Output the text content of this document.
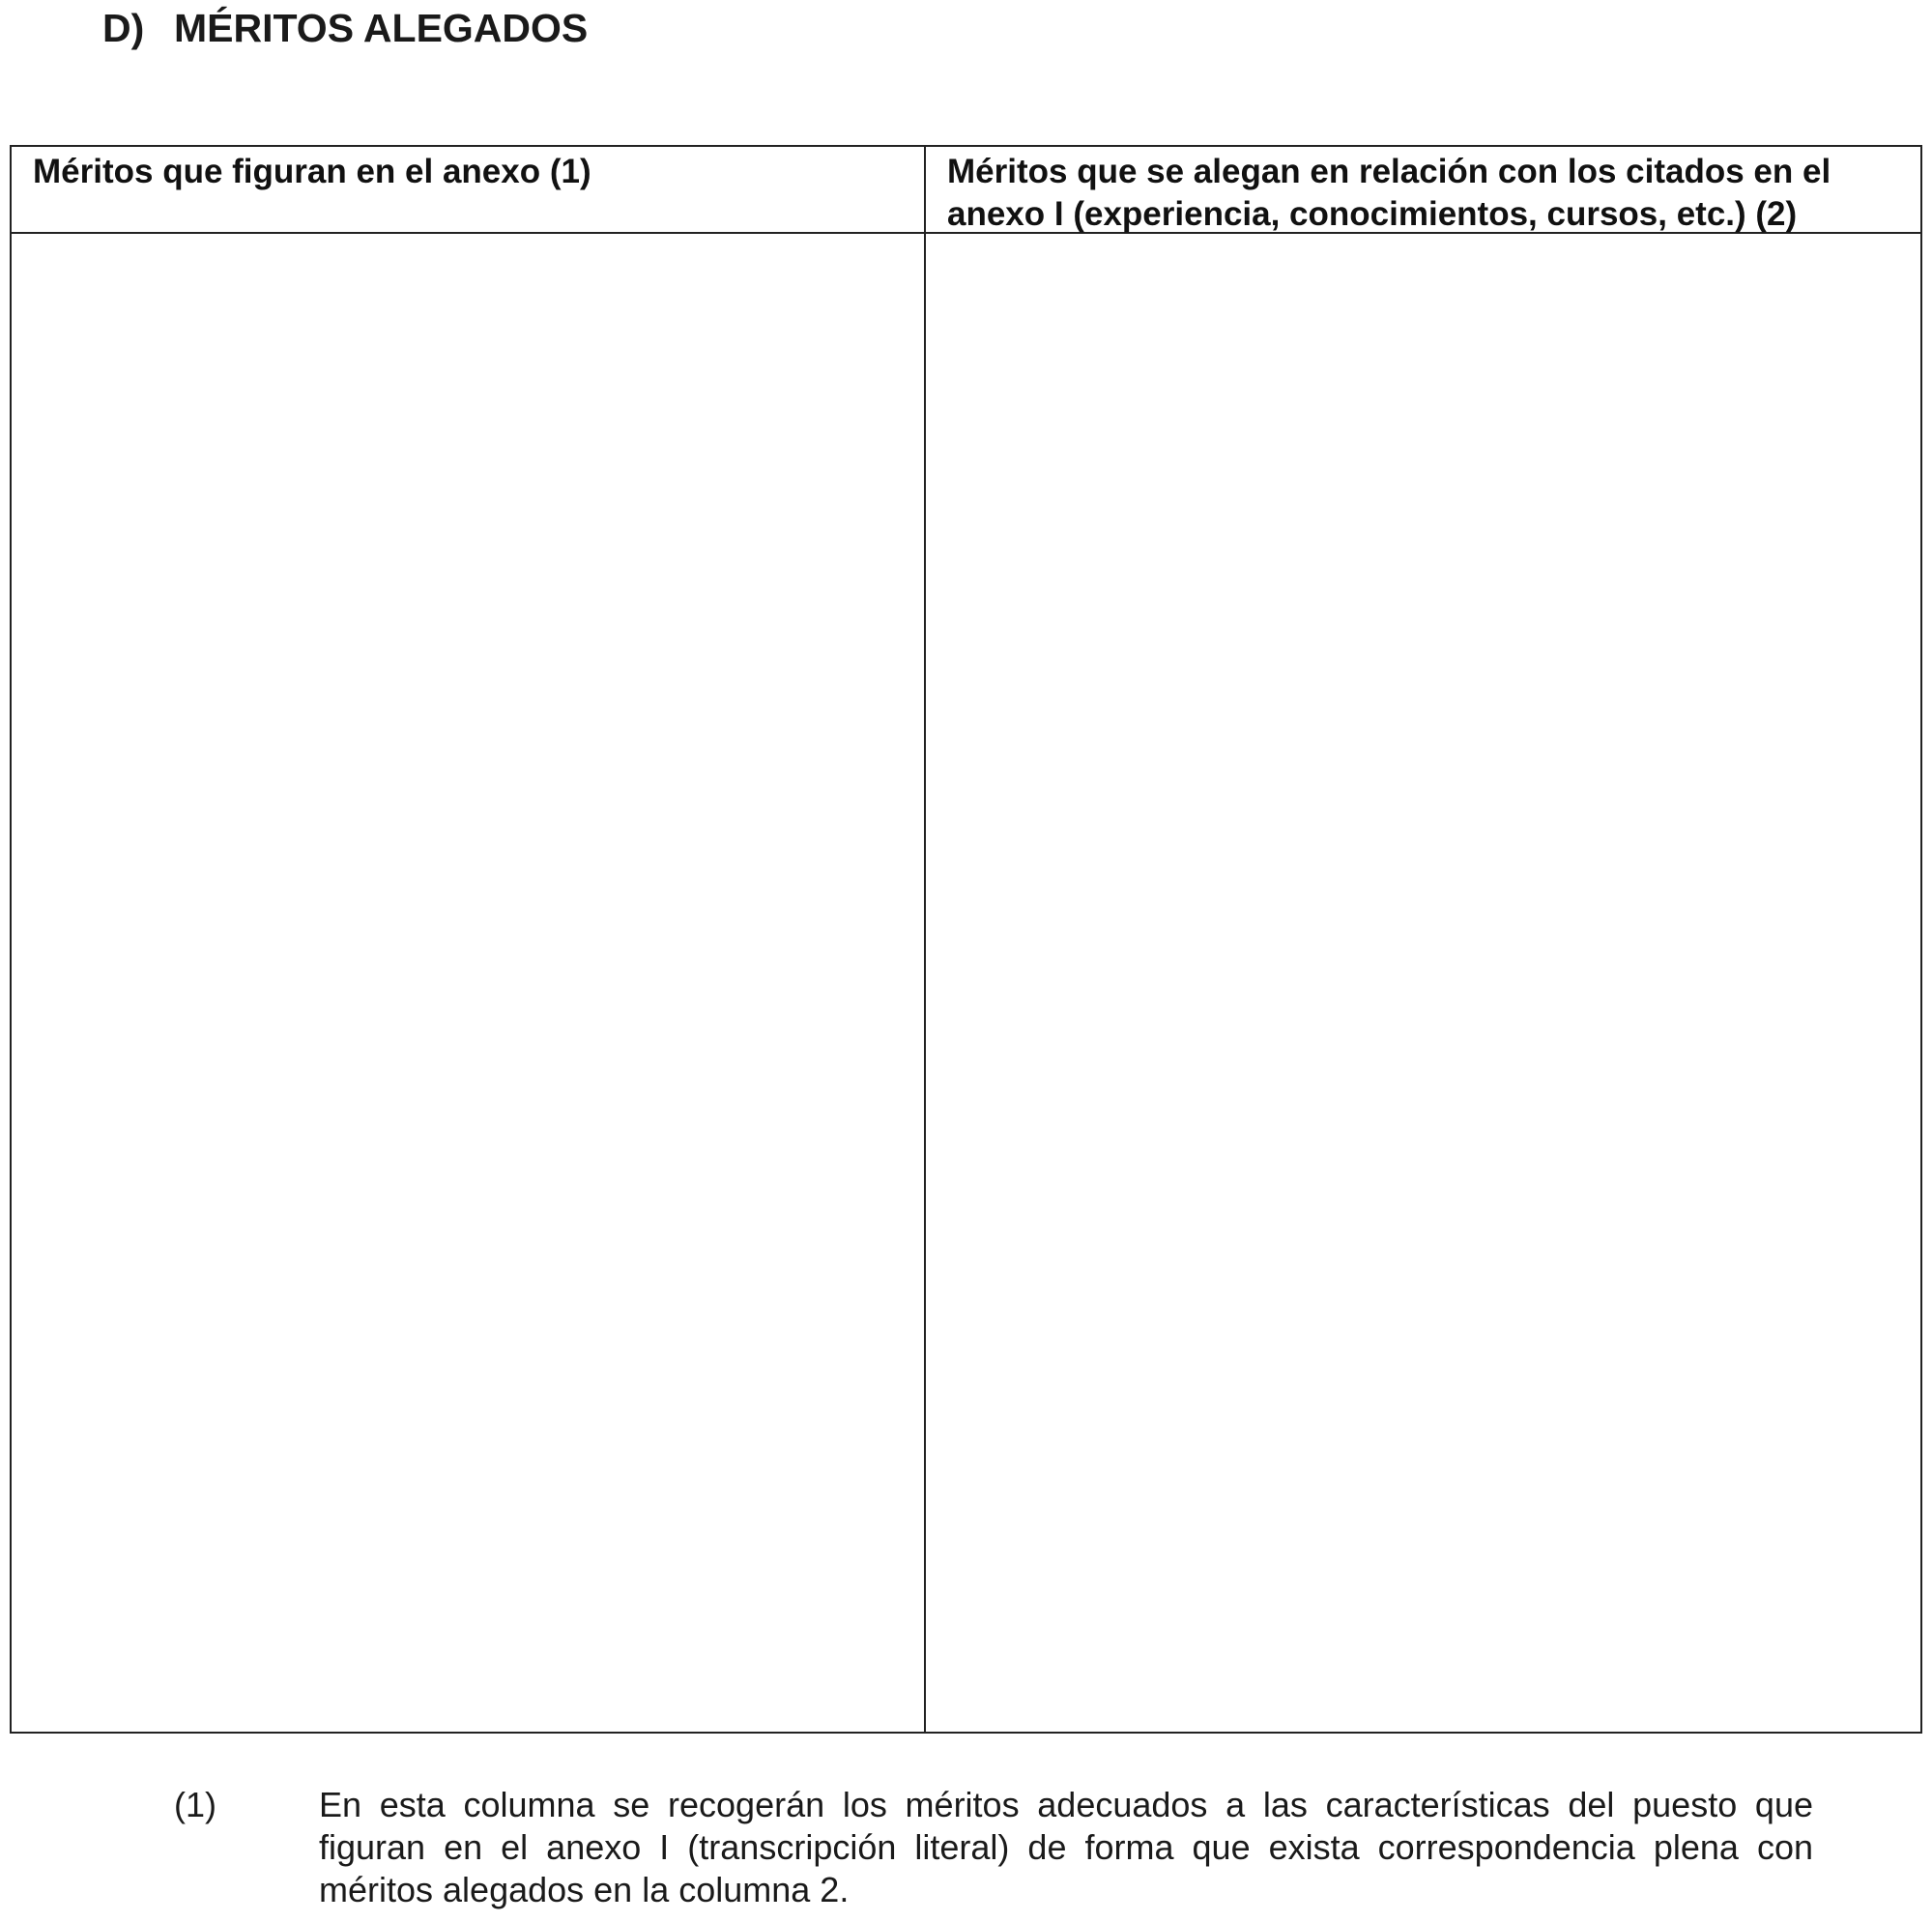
D) MÉRITOS ALEGADOS
Méritos que figuran en el anexo (1)	Méritos que se alegan en relación con los citados en el anexo I (experiencia, conocimientos, cursos, etc.) (2)
(1)	En esta columna se recogerán los méritos adecuados a las características del puesto que figuran en el anexo I (transcripción literal) de forma que exista correspondencia plena con méritos alegados en la columna 2.
